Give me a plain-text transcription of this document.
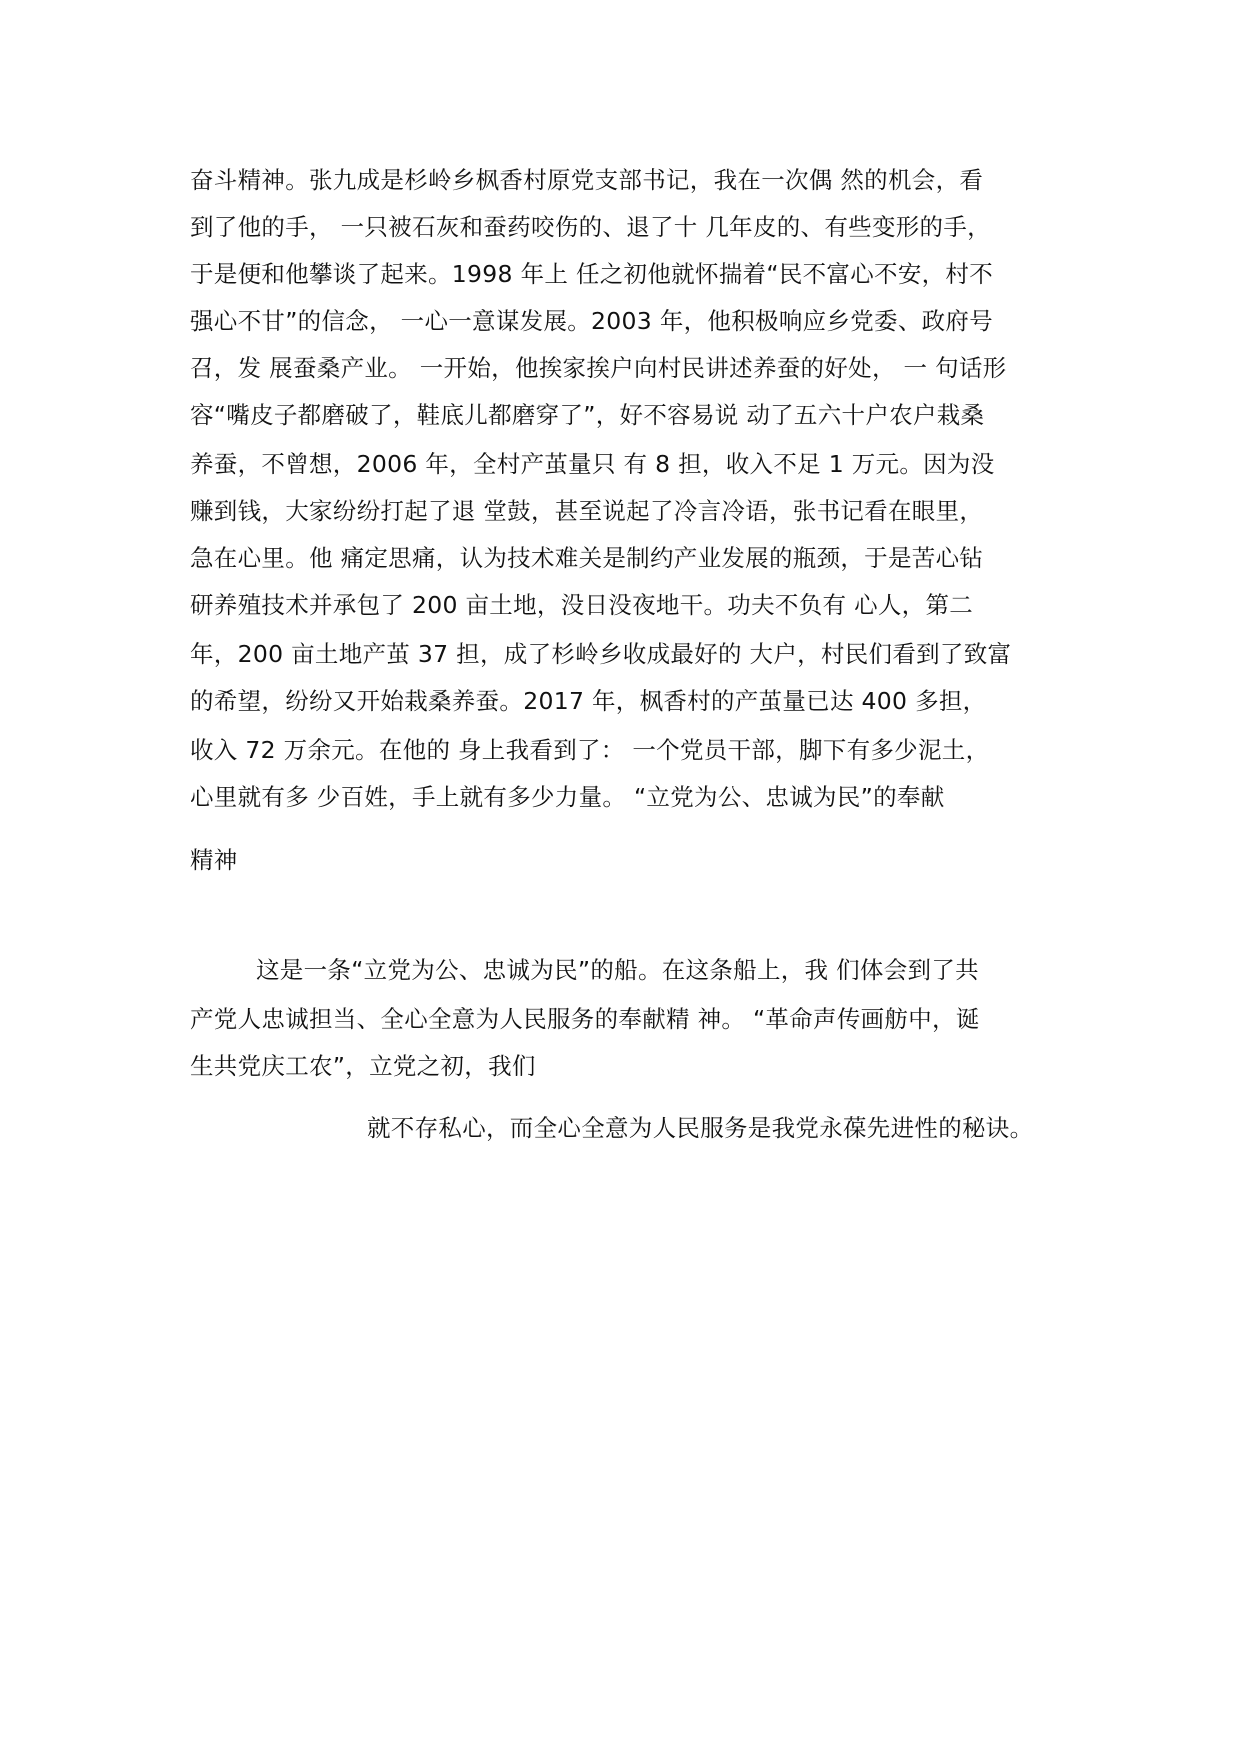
奋斗精神。张九成是杉岭乡枫香村原党支部书记，我在一次偶 然的机会，看
到了他的手， 一只被石灰和蚕药咬伤的、退了十 几年皮的、有些变形的手，
于是便和他攀谈了起来。1998 年上 任之初他就怀揣着“民不富心不安，村不
强心不甘”的信念， 一心一意谋发展。2003 年，他积极响应乡党委、政府号
召，发 展蚕桑产业。 一开始，他挨家挨户向村民讲述养蚕的好处， 一 句话形
容“嘴皮子都磨破了，鞋底儿都磨穿了”，好不容易说 动了五六十户农户栽桑
养蚕，不曾想，2006 年，全村产茧量只 有 8 担，收入不足 1 万元。因为没
赚到钱，大家纷纷打起了退 堂鼓，甚至说起了冷言冷语，张书记看在眼里，
急在心里。他 痛定思痛，认为技术难关是制约产业发展的瓶颈，于是苦心钻
研养殖技术并承包了 200 亩土地，没日没夜地干。功夫不负有 心人，第二
年，200 亩土地产茧 37 担，成了杉岭乡收成最好的 大户，村民们看到了致富
的希望，纷纷又开始栽桑养蚕。2017 年，枫香村的产茧量已达 400 多担，
收入 72 万余元。在他的 身上我看到了： 一个党员干部，脚下有多少泥土，
心里就有多 少百姓，手上就有多少力量。 “立党为公、忠诚为民”的奉献
精神
这是一条“立党为公、忠诚为民”的船。在这条船上，我 们体会到了共
产党人忠诚担当、全心全意为人民服务的奉献精 神。 “革命声传画舫中，诞
生共党庆工农”，立党之初，我们
就不存私心，而全心全意为人民服务是我党永葆先进性的秘诀。
